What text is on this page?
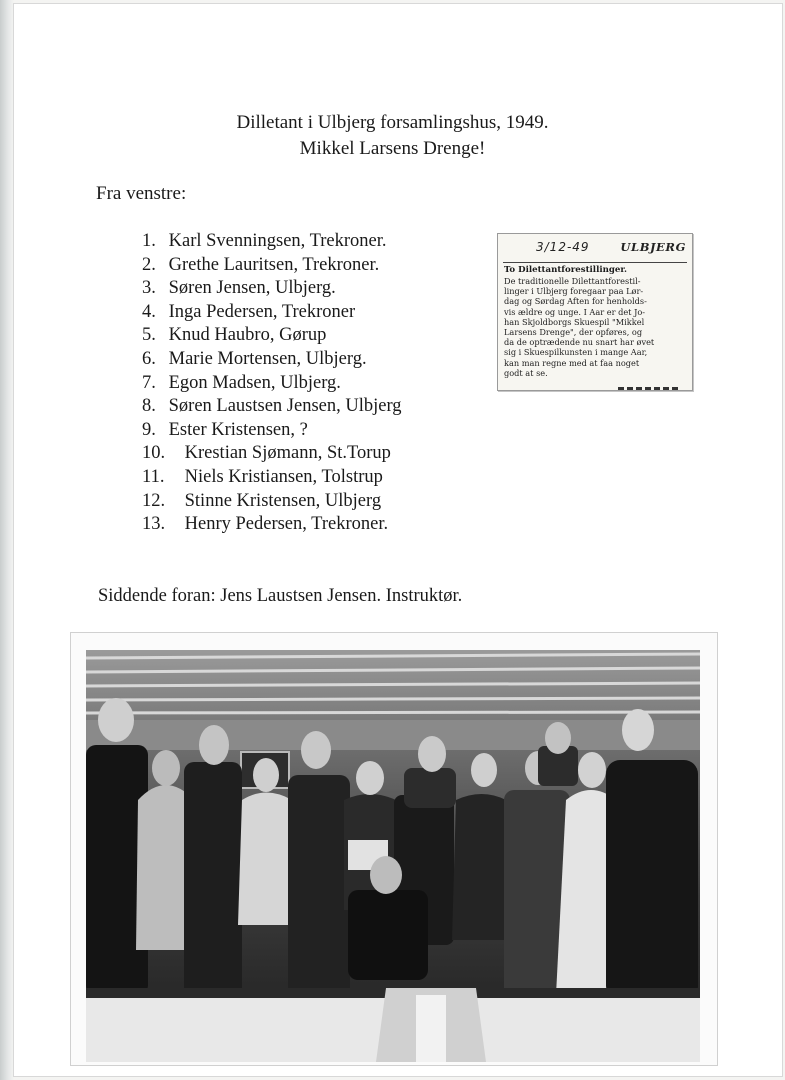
Dilletant i Ulbjerg forsamlingshus, 1949.
Mikkel Larsens Drenge!
Fra venstre:
1. Karl Svenningsen, Trekroner.
2. Grethe Lauritsen, Trekroner.
3. Søren Jensen, Ulbjerg.
4. Inga Pedersen, Trekroner
5. Knud Haubro, Gørup
6. Marie Mortensen, Ulbjerg.
7. Egon Madsen, Ulbjerg.
8. Søren Laustsen Jensen, Ulbjerg
9. Ester Kristensen, ?
10. Krestian Sjømann, St.Torup
11. Niels Kristiansen, Tolstrup
12. Stinne Kristensen, Ulbjerg
13. Henry Pedersen, Trekroner.
3/12-49	ULBJERG
To Dilettantforestillinger.
De traditionelle Dilettantforestil-
linger i Ulbjerg foregaar paa Lør-
dag og Sørdag Aften for henholds-
vis ældre og unge. I Aar er det Jo-
han Skjoldborgs Skuespil "Mikkel
Larsens Drenge", der opføres, og
da de optrædende nu snart har øvet
sig i Skuespilkunsten i mange Aar,
kan man regne med at faa noget
godt at se.
Siddende foran: Jens Laustsen Jensen. Instruktør.
